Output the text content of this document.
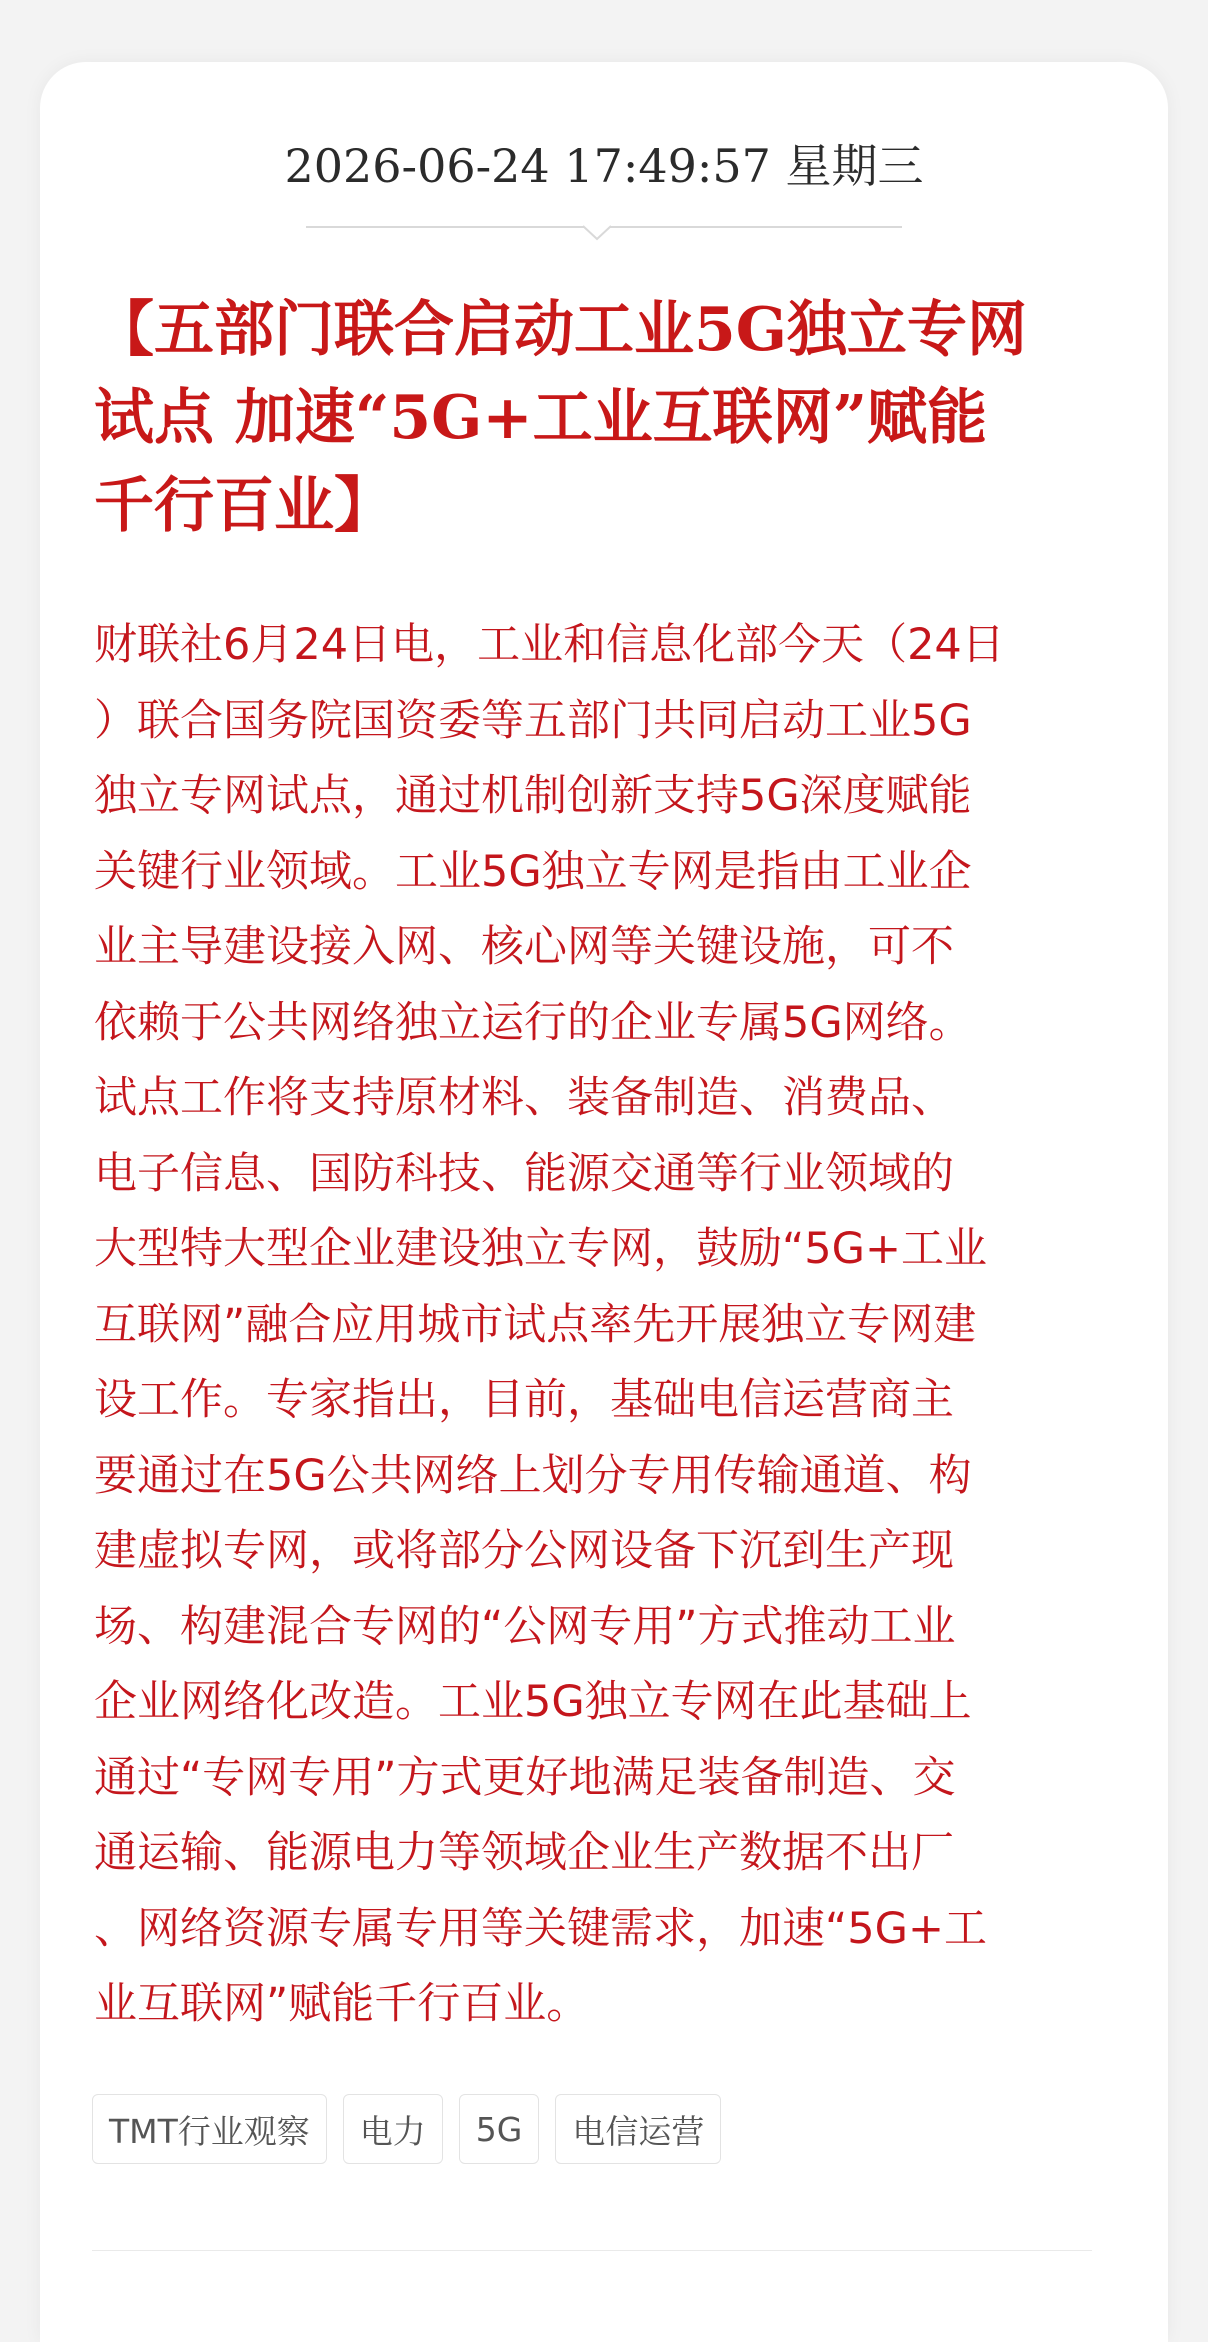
2026-06-24 17:49:57 星期三
【五部门联合启动工业5G独立专网
试点 加速“5G+工业互联网”赋能
千行百业】
财联社6月24日电，工业和信息化部今天（24日
）联合国务院国资委等五部门共同启动工业5G
独立专网试点，通过机制创新支持5G深度赋能
关键行业领域。工业5G独立专网是指由工业企
业主导建设接入网、核心网等关键设施，可不
依赖于公共网络独立运行的企业专属5G网络。
试点工作将支持原材料、装备制造、消费品、
电子信息、国防科技、能源交通等行业领域的
大型特大型企业建设独立专网，鼓励“5G+工业
互联网”融合应用城市试点率先开展独立专网建
设工作。专家指出，目前，基础电信运营商主
要通过在5G公共网络上划分专用传输通道、构
建虚拟专网，或将部分公网设备下沉到生产现
场、构建混合专网的“公网专用”方式推动工业
企业网络化改造。工业5G独立专网在此基础上
通过“专网专用”方式更好地满足装备制造、交
通运输、能源电力等领域企业生产数据不出厂
、网络资源专属专用等关键需求，加速“5G+工
业互联网”赋能千行百业。
TMT行业观察	电力	5G	电信运营
